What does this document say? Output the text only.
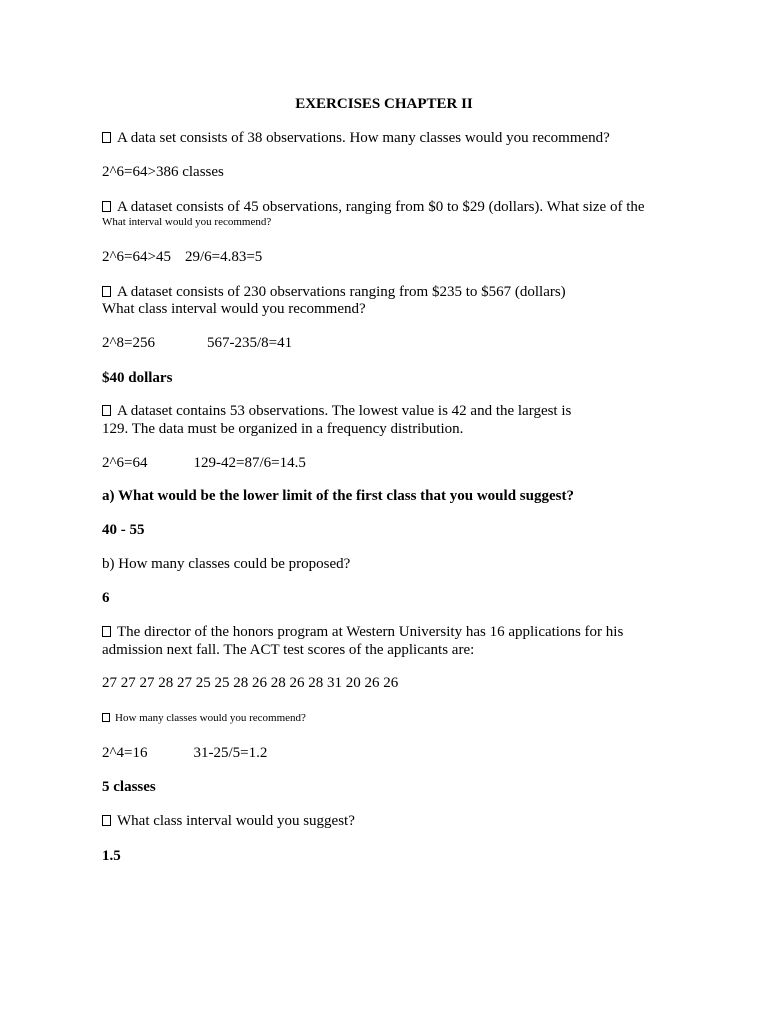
EXERCISES CHAPTER II
A data set consists of 38 observations. How many classes would you recommend?
2^6=64>386 classes
A dataset consists of 45 observations, ranging from $0 to $29 (dollars). What size of the
What interval would you recommend?
2^6=64>45 29/6=4.83=5
A dataset consists of 230 observations ranging from $235 to $567 (dollars)
What class interval would you recommend?
2^8=256	567-235/8=41
$40 dollars
A dataset contains 53 observations. The lowest value is 42 and the largest is
129. The data must be organized in a frequency distribution.
2^6=64	129-42=87/6=14.5
a) What would be the lower limit of the first class that you would suggest?
40 - 55
b) How many classes could be proposed?
6
The director of the honors program at Western University has 16 applications for his
admission next fall. The ACT test scores of the applicants are:
27 27 27 28 27 25 25 28 26 28 26 28 31 20 26 26
How many classes would you recommend?
2^4=16	31-25/5=1.2
5 classes
What class interval would you suggest?
1.5
